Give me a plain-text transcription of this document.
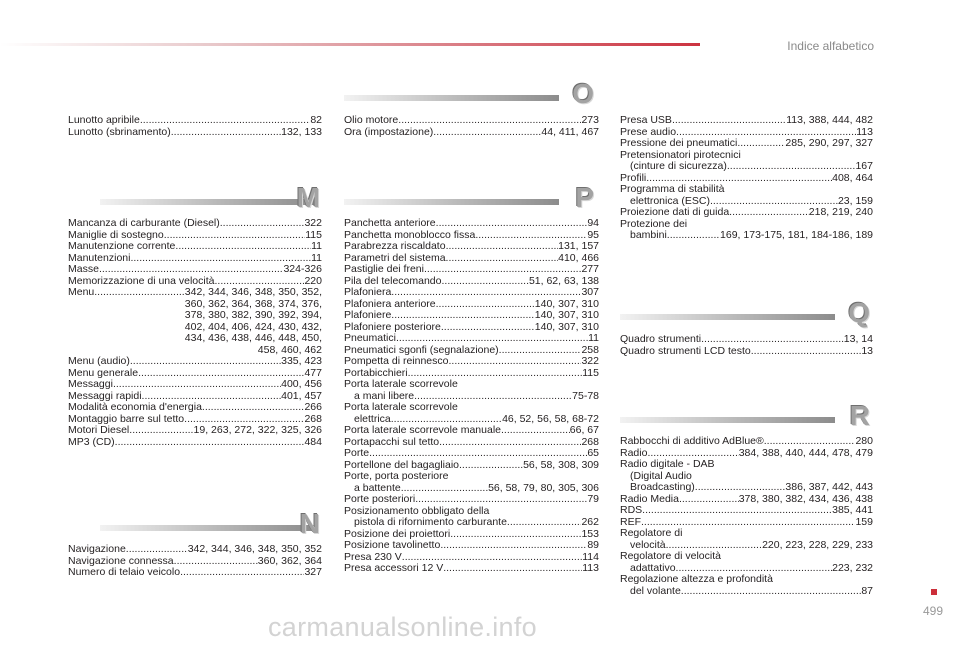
Indice alfabetico
Lunotto apribile .....	82
Lunotto (sbrinamento) .....	132, 133
M
Mancanza di carburante (Diesel) .....	322
Maniglie di sostegno .....	115
Manutenzione corrente .....	11
Manutenzioni .....	11
Masse .....	324-326
Memorizzazione di una velocità .....	220
Menu .....	342, 344, 346, 348, 350, 352,
360, 362, 364, 368, 374, 376,
378, 380, 382, 390, 392, 394,
402, 404, 406, 424, 430, 432,
434, 436, 438, 446, 448, 450,
458, 460, 462
Menu (audio) .....	335, 423
Menu generale .....	477
Messaggi .....	400, 456
Messaggi rapidi .....	401, 457
Modalità economia d'energia .....	266
Montaggio barre sul tetto .....	268
Motori Diesel .....	19, 263, 272, 322, 325, 326
MP3 (CD) .....	484
N
Navigazione .....	342, 344, 346, 348, 350, 352
Navigazione connessa .....	360, 362, 364
Numero di telaio veicolo .....	327
O
Olio motore .....	273
Ora (impostazione) .....	44, 411, 467
P
Panchetta anteriore .....	94
Panchetta monoblocco fissa .....	95
Parabrezza riscaldato .....	131, 157
Parametri del sistema .....	410, 466
Pastiglie dei freni .....	277
Pila del telecomando .....	51, 62, 63, 138
Plafoniera .....	307
Plafoniera anteriore .....	140, 307, 310
Plafoniere .....	140, 307, 310
Plafoniere posteriore .....	140, 307, 310
Pneumatici .....	11
Pneumatici sgonfi (segnalazione) .....	258
Pompetta di reinnesco .....	322
Portabicchieri .....	115
Porta laterale scorrevole
a mani libere .....	75-78
Porta laterale scorrevole
elettrica .....	46, 52, 56, 58, 68-72
Porta laterale scorrevole manuale .....	66, 67
Portapacchi sul tetto .....	268
Porte .....	65
Portellone del bagagliaio .....	56, 58, 308, 309
Porte, porta posteriore
a battente .....	56, 58, 79, 80, 305, 306
Porte posteriori .....	79
Posizionamento obbligato della
pistola di rifornimento carburante .....	262
Posizione dei proiettori .....	153
Posizione tavolinetto .....	89
Presa 230 V .....	114
Presa accessori 12 V .....	113
Presa USB .....	113, 388, 444, 482
Prese audio .....	113
Pressione dei pneumatici .....	285, 290, 297, 327
Pretensionatori pirotecnici
(cinture di sicurezza) .....	167
Profili .....	408, 464
Programma di stabilità
elettronica (ESC) .....	23, 159
Proiezione dati di guida .....	218, 219, 240
Protezione dei
bambini .....	169, 173-175, 181, 184-186, 189
Q
Quadro strumenti .....	13, 14
Quadro strumenti LCD testo .....	13
R
Rabbocchi di additivo AdBlue® .....	280
Radio .....	384, 388, 440, 444, 478, 479
Radio digitale - DAB
(Digital Audio
Broadcasting) .....	386, 387, 442, 443
Radio Media .....	378, 380, 382, 434, 436, 438
RDS .....	385, 441
REF .....	159
Regolatore di
velocità .....	220, 223, 228, 229, 233
Regolatore di velocità
adattativo .....	223, 232
Regolazione altezza e profondità
del volante .....	87
499
carmanualsonline.info
